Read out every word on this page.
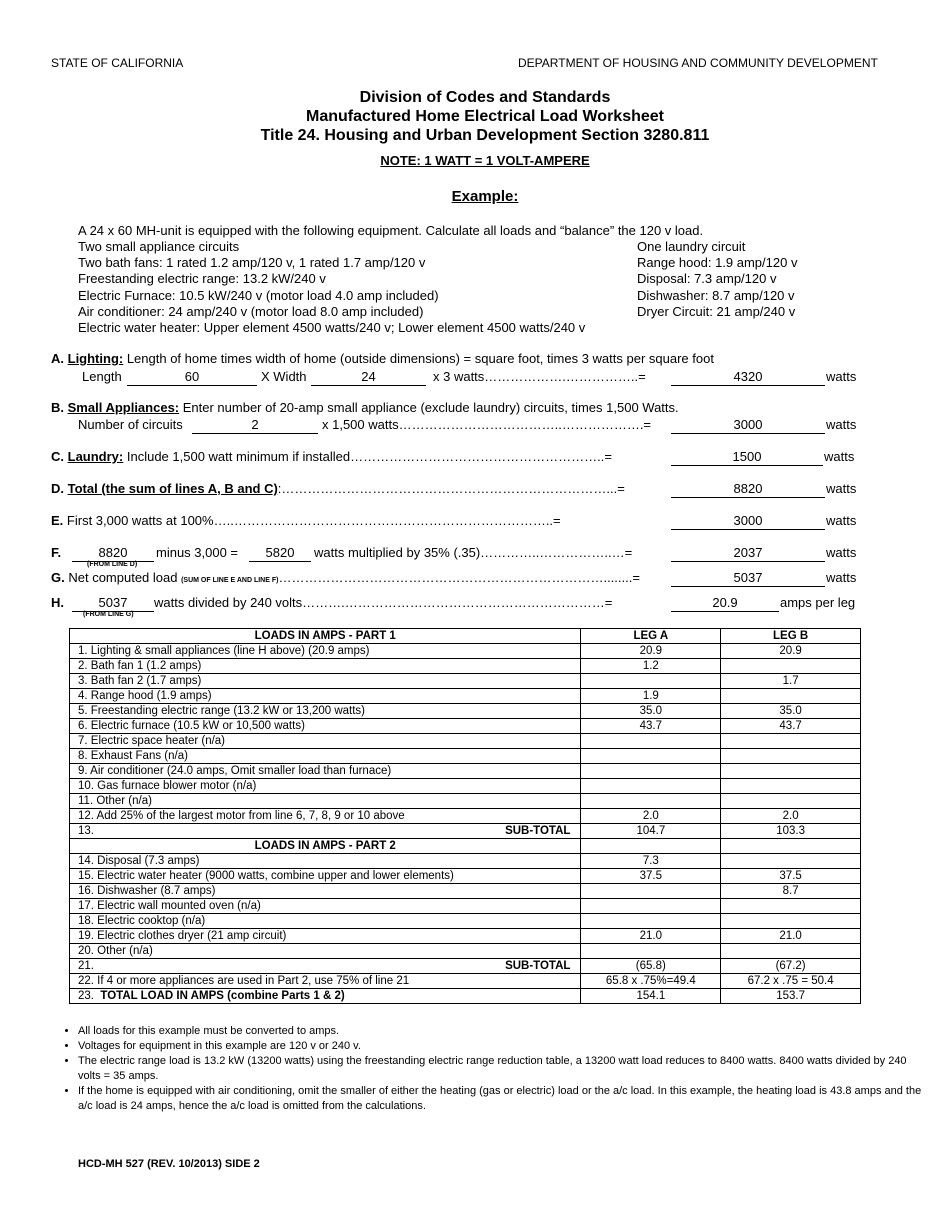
STATE OF CALIFORNIA	DEPARTMENT OF HOUSING AND COMMUNITY DEVELOPMENT
Division of Codes and Standards
Manufactured Home Electrical Load Worksheet
Title 24. Housing and Urban Development Section 3280.811
NOTE: 1 WATT = 1 VOLT-AMPERE
Example:
A 24 x 60 MH-unit is equipped with the following equipment. Calculate all loads and “balance” the 120 v load.
Two small appliance circuits
Two bath fans: 1 rated 1.2 amp/120 v, 1 rated 1.7 amp/120 v
Freestanding electric range: 13.2 kW/240 v
Electric Furnace: 10.5 kW/240 v (motor load 4.0 amp included)
Air conditioner: 24 amp/240 v (motor load 8.0 amp included)
Electric water heater: Upper element 4500 watts/240 v; Lower element 4500 watts/240 v
One laundry circuit
Range hood: 1.9 amp/120 v
Disposal: 7.3 amp/120 v
Dishwasher: 8.7 amp/120 v
Dryer Circuit: 21 amp/240 v
A. Lighting: Length of home times width of home (outside dimensions) = square foot, times 3 watts per square foot
Length	60	X Width	24	x 3 watts……………….……………..=	4320	watts
B. Small Appliances: Enter number of 20-amp small appliance (exclude laundry) circuits, times 1,500 Watts.
Number of circuits	2	x 1,500 watts………………………………..……………….=	3000	watts
C. Laundry: Include 1,500 watt minimum if installed…………………………………………………..=	1500	watts
D. Total (the sum of lines A, B and C):…………………………………………………………………...=	8820	watts
E. First 3,000 watts at 100%…..………………………………………………………………..=	3000	watts
F.	8820
(FROM LINE D)
minus 3,000 =	5820	watts multiplied by 35% (.35)…………..……………..…=	2037	watts
G. Net computed load (SUM OF LINE E AND LINE F)…………………………………………………………………........=	5037	watts
H.	5037
(FROM LINE G)
watts divided by 240 volts……….……………………………………………………=	20.9	amps per leg
LOADS IN AMPS - PART 1	LEG A	LEG B
1. Lighting & small appliances (line H above) (20.9 amps)	20.9	20.9
2. Bath fan 1 (1.2 amps)	1.2	
3. Bath fan 2 (1.7 amps)		1.7
4. Range hood (1.9 amps)	1.9	
5. Freestanding electric range (13.2 kW or 13,200 watts)	35.0	35.0
6. Electric furnace (10.5 kW or 10,500 watts)	43.7	43.7
7. Electric space heater (n/a)		
8. Exhaust Fans (n/a)		
9. Air conditioner (24.0 amps, Omit smaller load than furnace)		
10. Gas furnace blower motor (n/a)		
11. Other (n/a)		
12. Add 25% of the largest motor from line 6, 7, 8, 9 or 10 above	2.0	2.0
13. SUB-TOTAL	104.7	103.3
LOADS IN AMPS - PART 2		
14. Disposal (7.3 amps)	7.3	
15. Electric water heater (9000 watts, combine upper and lower elements)	37.5	37.5
16. Dishwasher (8.7 amps)		8.7
17. Electric wall mounted oven (n/a)		
18. Electric cooktop (n/a)		
19. Electric clothes dryer (21 amp circuit)	21.0	21.0
20. Other (n/a)		
21. SUB-TOTAL	(65.8)	(67.2)
22. If 4 or more appliances are used in Part 2, use 75% of line 21	65.8 x .75%=49.4	67.2 x .75 = 50.4
23. TOTAL LOAD IN AMPS (combine Parts 1 & 2)	154.1	153.7
• All loads for this example must be converted to amps.
• Voltages for equipment in this example are 120 v or 240 v.
• The electric range load is 13.2 kW (13200 watts) using the freestanding electric range reduction table, a 13200 watt load reduces to 8400 watts. 8400 watts divided by 240 volts = 35 amps.
• If the home is equipped with air conditioning, omit the smaller of either the heating (gas or electric) load or the a/c load. In this example, the heating load is 43.8 amps and the a/c load is 24 amps, hence the a/c load is omitted from the calculations.
HCD-MH 527 (REV. 10/2013) SIDE 2
